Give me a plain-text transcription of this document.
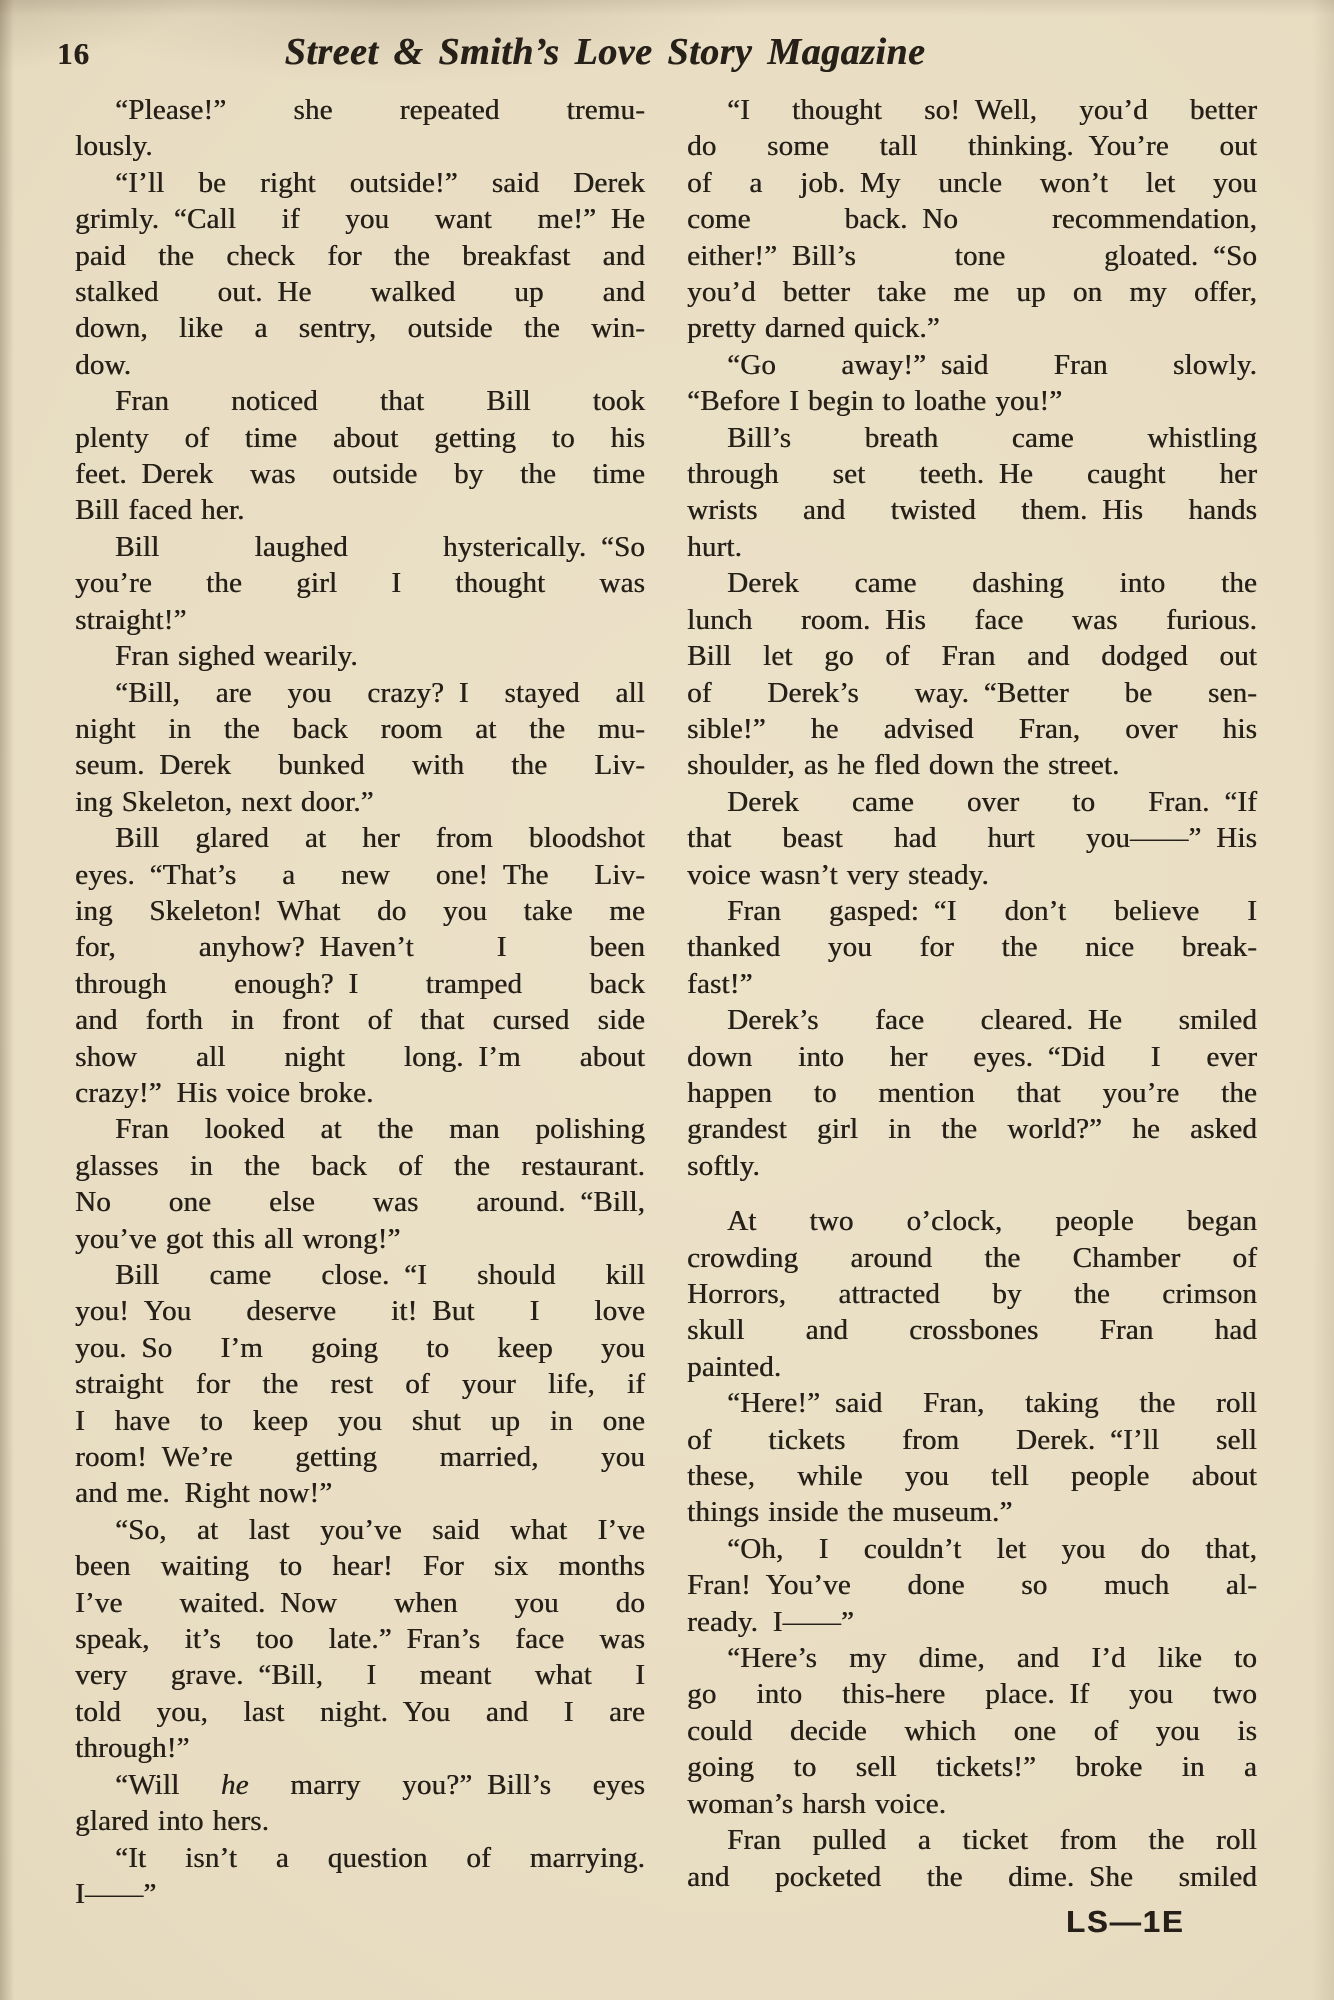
16	Street & Smith’s Love Story Magazine
“Please!” she repeated tremu-
lously.
“I’ll be right outside!” said Derek
grimly. “Call if you want me!” He
paid the check for the breakfast and
stalked out. He walked up and
down, like a sentry, outside the win-
dow.
Fran noticed that Bill took
plenty of time about getting to his
feet. Derek was outside by the time
Bill faced her.
Bill laughed hysterically. “So
you’re the girl I thought was
straight!”
Fran sighed wearily.
“Bill, are you crazy? I stayed all
night in the back room at the mu-
seum. Derek bunked with the Liv-
ing Skeleton, next door.”
Bill glared at her from bloodshot
eyes. “That’s a new one! The Liv-
ing Skeleton! What do you take me
for, anyhow? Haven’t I been
through enough? I tramped back
and forth in front of that cursed side
show all night long. I’m about
crazy!” His voice broke.
Fran looked at the man polishing
glasses in the back of the restaurant.
No one else was around. “Bill,
you’ve got this all wrong!”
Bill came close. “I should kill
you! You deserve it! But I love
you. So I’m going to keep you
straight for the rest of your life, if
I have to keep you shut up in one
room! We’re getting married, you
and me. Right now!”
“So, at last you’ve said what I’ve
been waiting to hear! For six months
I’ve waited. Now when you do
speak, it’s too late.” Fran’s face was
very grave. “Bill, I meant what I
told you, last night. You and I are
through!”
“Will he marry you?” Bill’s eyes
glared into hers.
“It isn’t a question of marrying.
I——”
“I thought so! Well, you’d better
do some tall thinking. You’re out
of a job. My uncle won’t let you
come back. No recommendation,
either!” Bill’s tone gloated. “So
you’d better take me up on my offer,
pretty darned quick.”
“Go away!” said Fran slowly.
“Before I begin to loathe you!”
Bill’s breath came whistling
through set teeth. He caught her
wrists and twisted them. His hands
hurt.
Derek came dashing into the
lunch room. His face was furious.
Bill let go of Fran and dodged out
of Derek’s way. “Better be sen-
sible!” he advised Fran, over his
shoulder, as he fled down the street.
Derek came over to Fran. “If
that beast had hurt you——” His
voice wasn’t very steady.
Fran gasped: “I don’t believe I
thanked you for the nice break-
fast!”
Derek’s face cleared. He smiled
down into her eyes. “Did I ever
happen to mention that you’re the
grandest girl in the world?” he asked
softly.
At two o’clock, people began
crowding around the Chamber of
Horrors, attracted by the crimson
skull and crossbones Fran had
painted.
“Here!” said Fran, taking the roll
of tickets from Derek. “I’ll sell
these, while you tell people about
things inside the museum.”
“Oh, I couldn’t let you do that,
Fran! You’ve done so much al-
ready. I——”
“Here’s my dime, and I’d like to
go into this-here place. If you two
could decide which one of you is
going to sell tickets!” broke in a
woman’s harsh voice.
Fran pulled a ticket from the roll
and pocketed the dime. She smiled
LS—1E
